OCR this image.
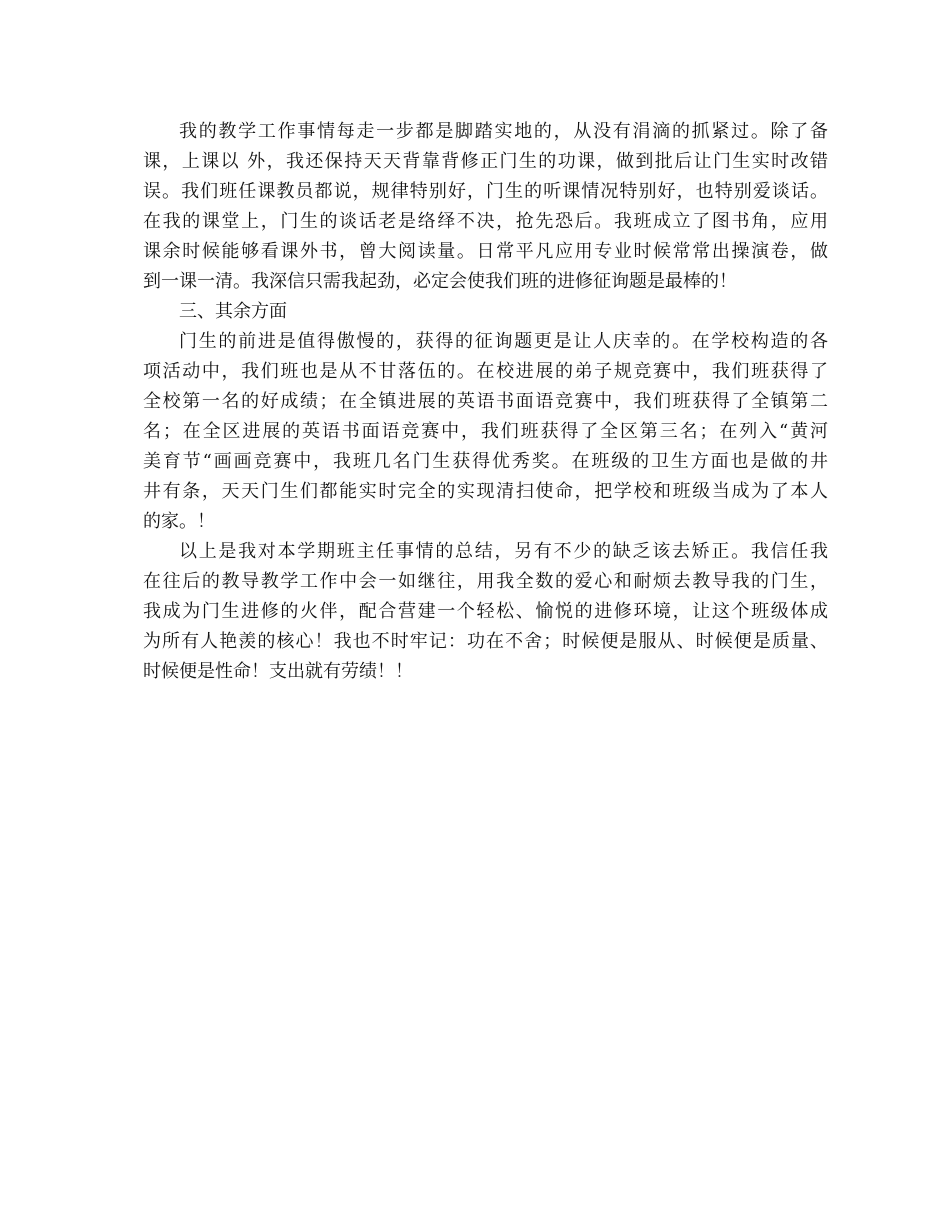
我的教学工作事情每走一步都是脚踏实地的，从没有涓滴的抓紧过。除了备
课，上课以 外，我还保持天天背靠背修正门生的功课，做到批后让门生实时改错
误。我们班任课教员都说，规律特别好，门生的听课情况特别好，也特别爱谈话。
在我的课堂上，门生的谈话老是络绎不决，抢先恐后。我班成立了图书角，应用
课余时候能够看课外书，曾大阅读量。日常平凡应用专业时候常常出操演卷，做
到一课一清。我深信只需我起劲，必定会使我们班的进修征询题是最棒的！
三、其余方面
门生的前进是值得傲慢的，获得的征询题更是让人庆幸的。在学校构造的各
项活动中，我们班也是从不甘落伍的。在校进展的弟子规竞赛中，我们班获得了
全校第一名的好成绩；在全镇进展的英语书面语竞赛中，我们班获得了全镇第二
名；在全区进展的英语书面语竞赛中，我们班获得了全区第三名；在列入“黄河
美育节“画画竞赛中，我班几名门生获得优秀奖。在班级的卫生方面也是做的井
井有条，天天门生们都能实时完全的实现清扫使命，把学校和班级当成为了本人
的家。！
以上是我对本学期班主任事情的总结，另有不少的缺乏该去矫正。我信任我
在往后的教导教学工作中会一如继往，用我全数的爱心和耐烦去教导我的门生，
我成为门生进修的火伴，配合营建一个轻松、愉悦的进修环境，让这个班级体成
为所有人艳羡的核心！我也不时牢记：功在不舍；时候便是服从、时候便是质量、
时候便是性命！支出就有劳绩！！
